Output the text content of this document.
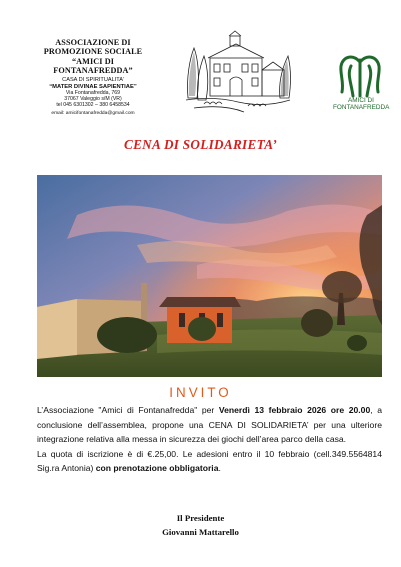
ASSOCIAZIONE DI
PROMOZIONE SOCIALE
“AMICI DI
FONTANAFREDDA”
CASA DI SPIRITUALITA’
“MATER DIVINAE SAPIENTIAE”
Via Fontanafredda, 769
37067 Valeggio s/M (VR)
tel 045 6301302 – 380 6458534
email: amicifontanafredda@gmail.com
AMICI DI
FONTANAFREDDA
CENA DI SOLIDARIETA’
INVITO

L’Associazione "Amici di Fontanafredda" per Venerdì 13 febbraio 2026 ore 20.00, a conclusione dell’assemblea, propone una CENA DI SOLIDARIETA’ per una ulteriore integrazione relativa alla messa in sicurezza dei giochi dell’area parco della casa.

La quota di iscrizione è di €.25,00. Le adesioni entro il 10 febbraio (cell.349.5564814 Sig.ra Antonia) con prenotazione obbligatoria.

Il Presidente
Giovanni Mattarello
